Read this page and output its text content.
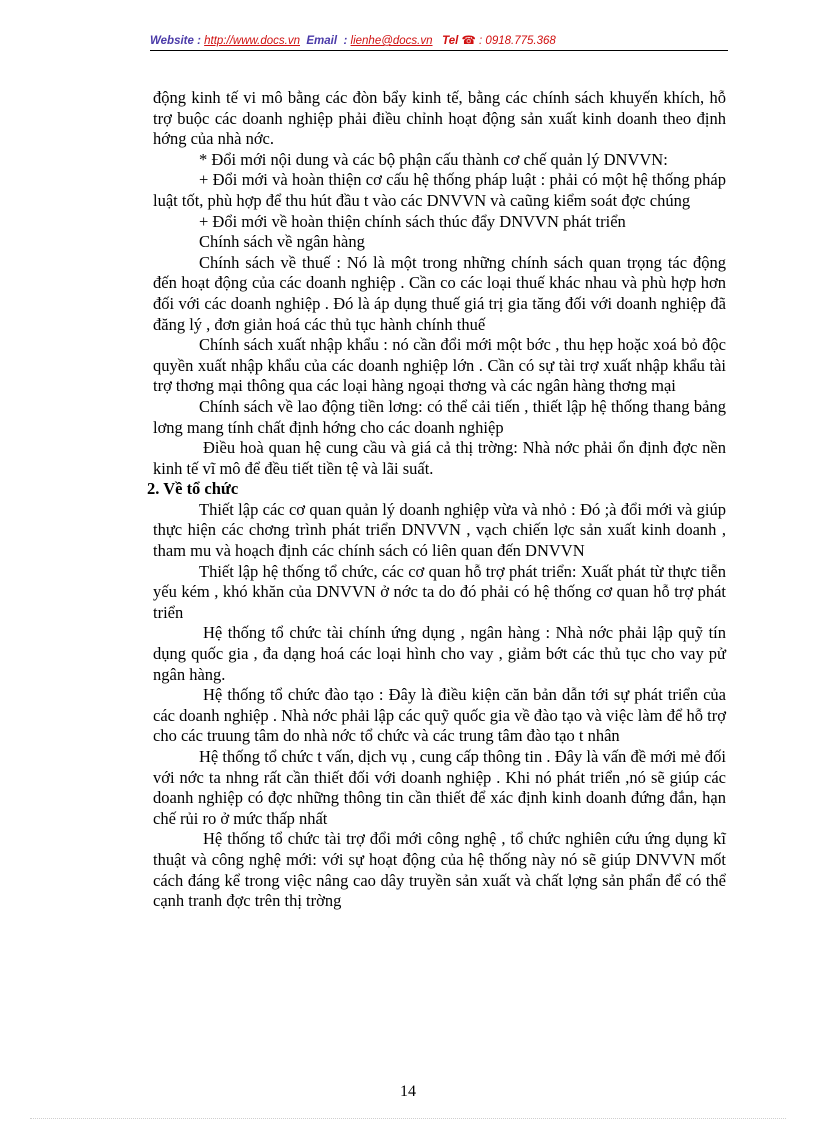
Website : http://www.docs.vn Email : lienhe@docs.vn Tel ☎ : 0918.775.368

động kinh tế vi mô bằng các đòn bẩy kinh tế, bằng các chính sách khuyến khích, hỗ trợ buộc các doanh nghiệp phải điều chỉnh hoạt động sản xuất kinh doanh theo định hớng của nhà nớc.

* Đổi mới nội dung và các bộ phận cấu thành cơ chế quản lý DNVVN:

+ Đổi mới và hoàn thiện cơ cấu hệ thống pháp luật : phải có một hệ thống pháp luật tốt, phù hợp để thu hút đầu t vào các DNVVN và caũng kiểm soát đợc chúng

+ Đổi mới về hoàn thiện chính sách thúc đẩy DNVVN phát triển

Chính sách về ngân hàng

Chính sách về thuế : Nó là một trong những chính sách quan trọng tác động đến hoạt động của các doanh nghiệp . Cần co các loại thuế khác nhau và phù hợp hơn đối với các doanh nghiệp . Đó là áp dụng thuế giá trị gia tăng đối với doanh nghiệp đã đăng lý , đơn giản hoá các thủ tục hành chính thuế

Chính sách xuất nhập khẩu : nó cần đổi mới một bớc , thu hẹp hoặc xoá bỏ độc quyền xuất nhập khẩu của các doanh nghiệp lớn . Cần có sự tài trợ xuất nhập khẩu tài trợ thơng mại thông qua các loại hàng ngoại thơng và các ngân hàng thơng mại

Chính sách về lao động tiền lơng: có thể cải tiến , thiết lập hệ thống thang bảng lơng mang tính chất định hớng cho các doanh nghiệp

Điều hoà quan hệ cung cầu và giá cả thị trờng: Nhà nớc phải ổn định đợc nền kinh tế vĩ mô để đều tiết tiền tệ và lãi suất.

2. Về tổ chức

Thiết lập các cơ quan quản lý doanh nghiệp vừa và nhỏ : Đó ;à đổi mới và giúp thực hiện các chơng trình phát triển DNVVN , vạch chiến lợc sản xuất kinh doanh , tham mu và hoạch định các chính sách có liên quan đến DNVVN

Thiết lập hệ thống tổ chức, các cơ quan hỗ trợ phát triển: Xuất phát từ thực tiễn yếu kém , khó khăn của DNVVN ở nớc ta do đó phải có hệ thống cơ quan hỗ trợ phát triển

Hệ thống tổ chức tài chính ứng dụng , ngân hàng : Nhà nớc phải lập quỹ tín dụng quốc gia , đa dạng hoá các loại hình cho vay , giảm bớt các thủ tục cho vay pử ngân hàng.

Hệ thống tổ chức đào tạo : Đây là điều kiện căn bản dẫn tới sự phát triển của các doanh nghiệp . Nhà nớc phải lập các quỹ quốc gia về đào tạo và việc làm để hỗ trợ cho các truung tâm do nhà nớc tổ chức và các trung tâm đào tạo t nhân

Hệ thống tổ chức t vấn, dịch vụ , cung cấp thông tin . Đây là vấn đề mới mẻ đối với nớc ta nhng rất cần thiết đối với doanh nghiệp . Khi nó phát triển ,nó sẽ giúp các doanh nghiệp có đợc những thông tin cần thiết để xác định kinh doanh đứng đắn, hạn chế rủi ro ở mức thấp nhất

Hệ thống tổ chức tài trợ đổi mới công nghệ , tổ chức nghiên cứu ứng dụng kĩ thuật và công nghệ mới: với sự hoạt động của hệ thống này nó sẽ giúp DNVVN mốt cách đáng kể trong việc nâng cao dây truyền sản xuất và chất lợng sản phẩn để có thể cạnh tranh đợc trên thị trờng

14
